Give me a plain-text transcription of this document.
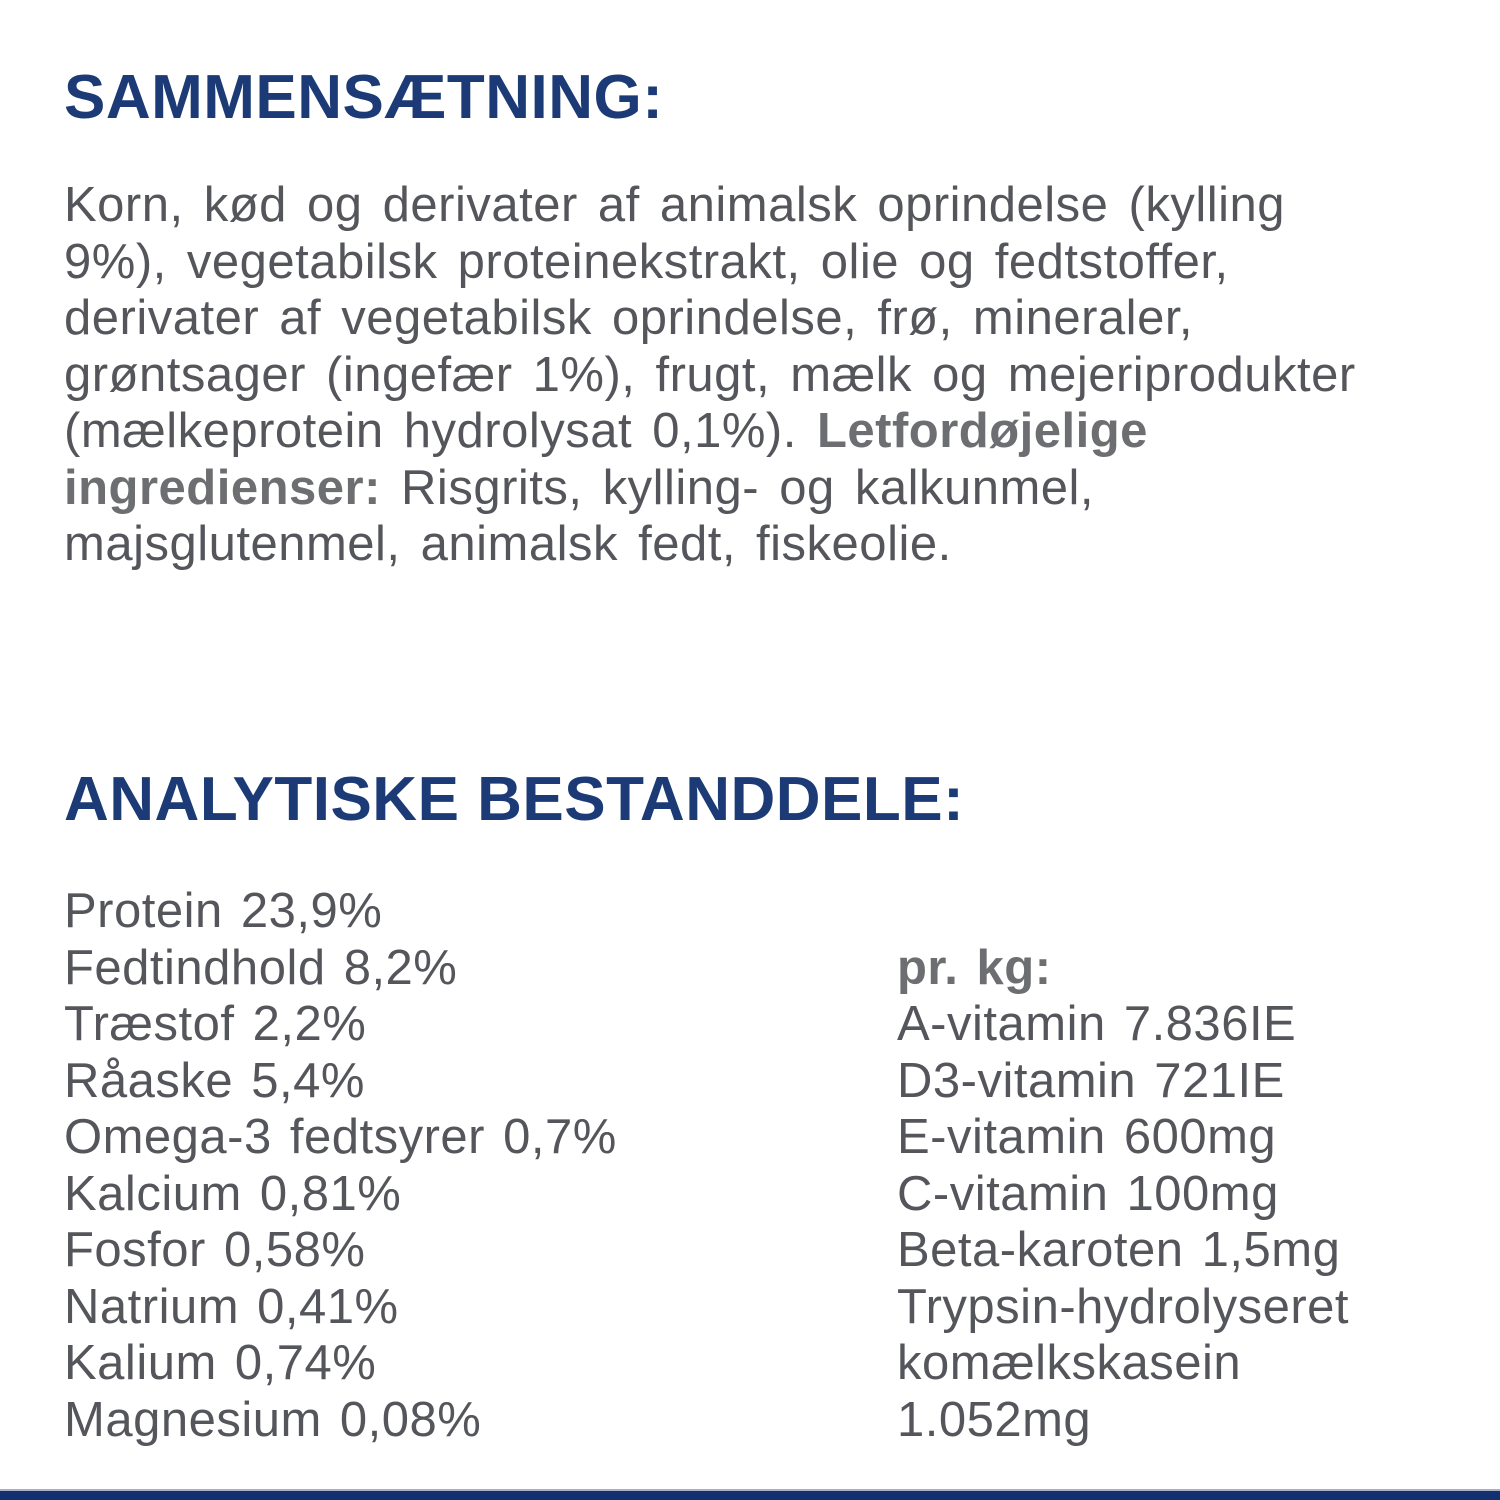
SAMMENSÆTNING:

Korn, kød og derivater af animalsk oprindelse (kylling 9%), vegetabilsk proteinekstrakt, olie og fedtstoffer, derivater af vegetabilsk oprindelse, frø, mineraler, grøntsager (ingefær 1%), frugt, mælk og mejeriprodukter (mælkeprotein hydrolysat 0,1%). Letfordøjelige ingredienser: Risgrits, kylling- og kalkunmel, majsglutenmel, animalsk fedt, fiskeolie.

ANALYTISKE BESTANDDELE:
Protein 23,9%
Fedtindhold 8,2%
Træstof 2,2%
Råaske 5,4%
Omega-3 fedtsyrer 0,7%
Kalcium 0,81%
Fosfor 0,58%
Natrium 0,41%
Kalium 0,74%
Magnesium 0,08%
pr. kg:
A-vitamin 7.836IE
D3-vitamin 721IE
E-vitamin 600mg
C-vitamin 100mg
Beta-karoten 1,5mg
Trypsin-hydrolyseret komælkskasein 1.052mg
